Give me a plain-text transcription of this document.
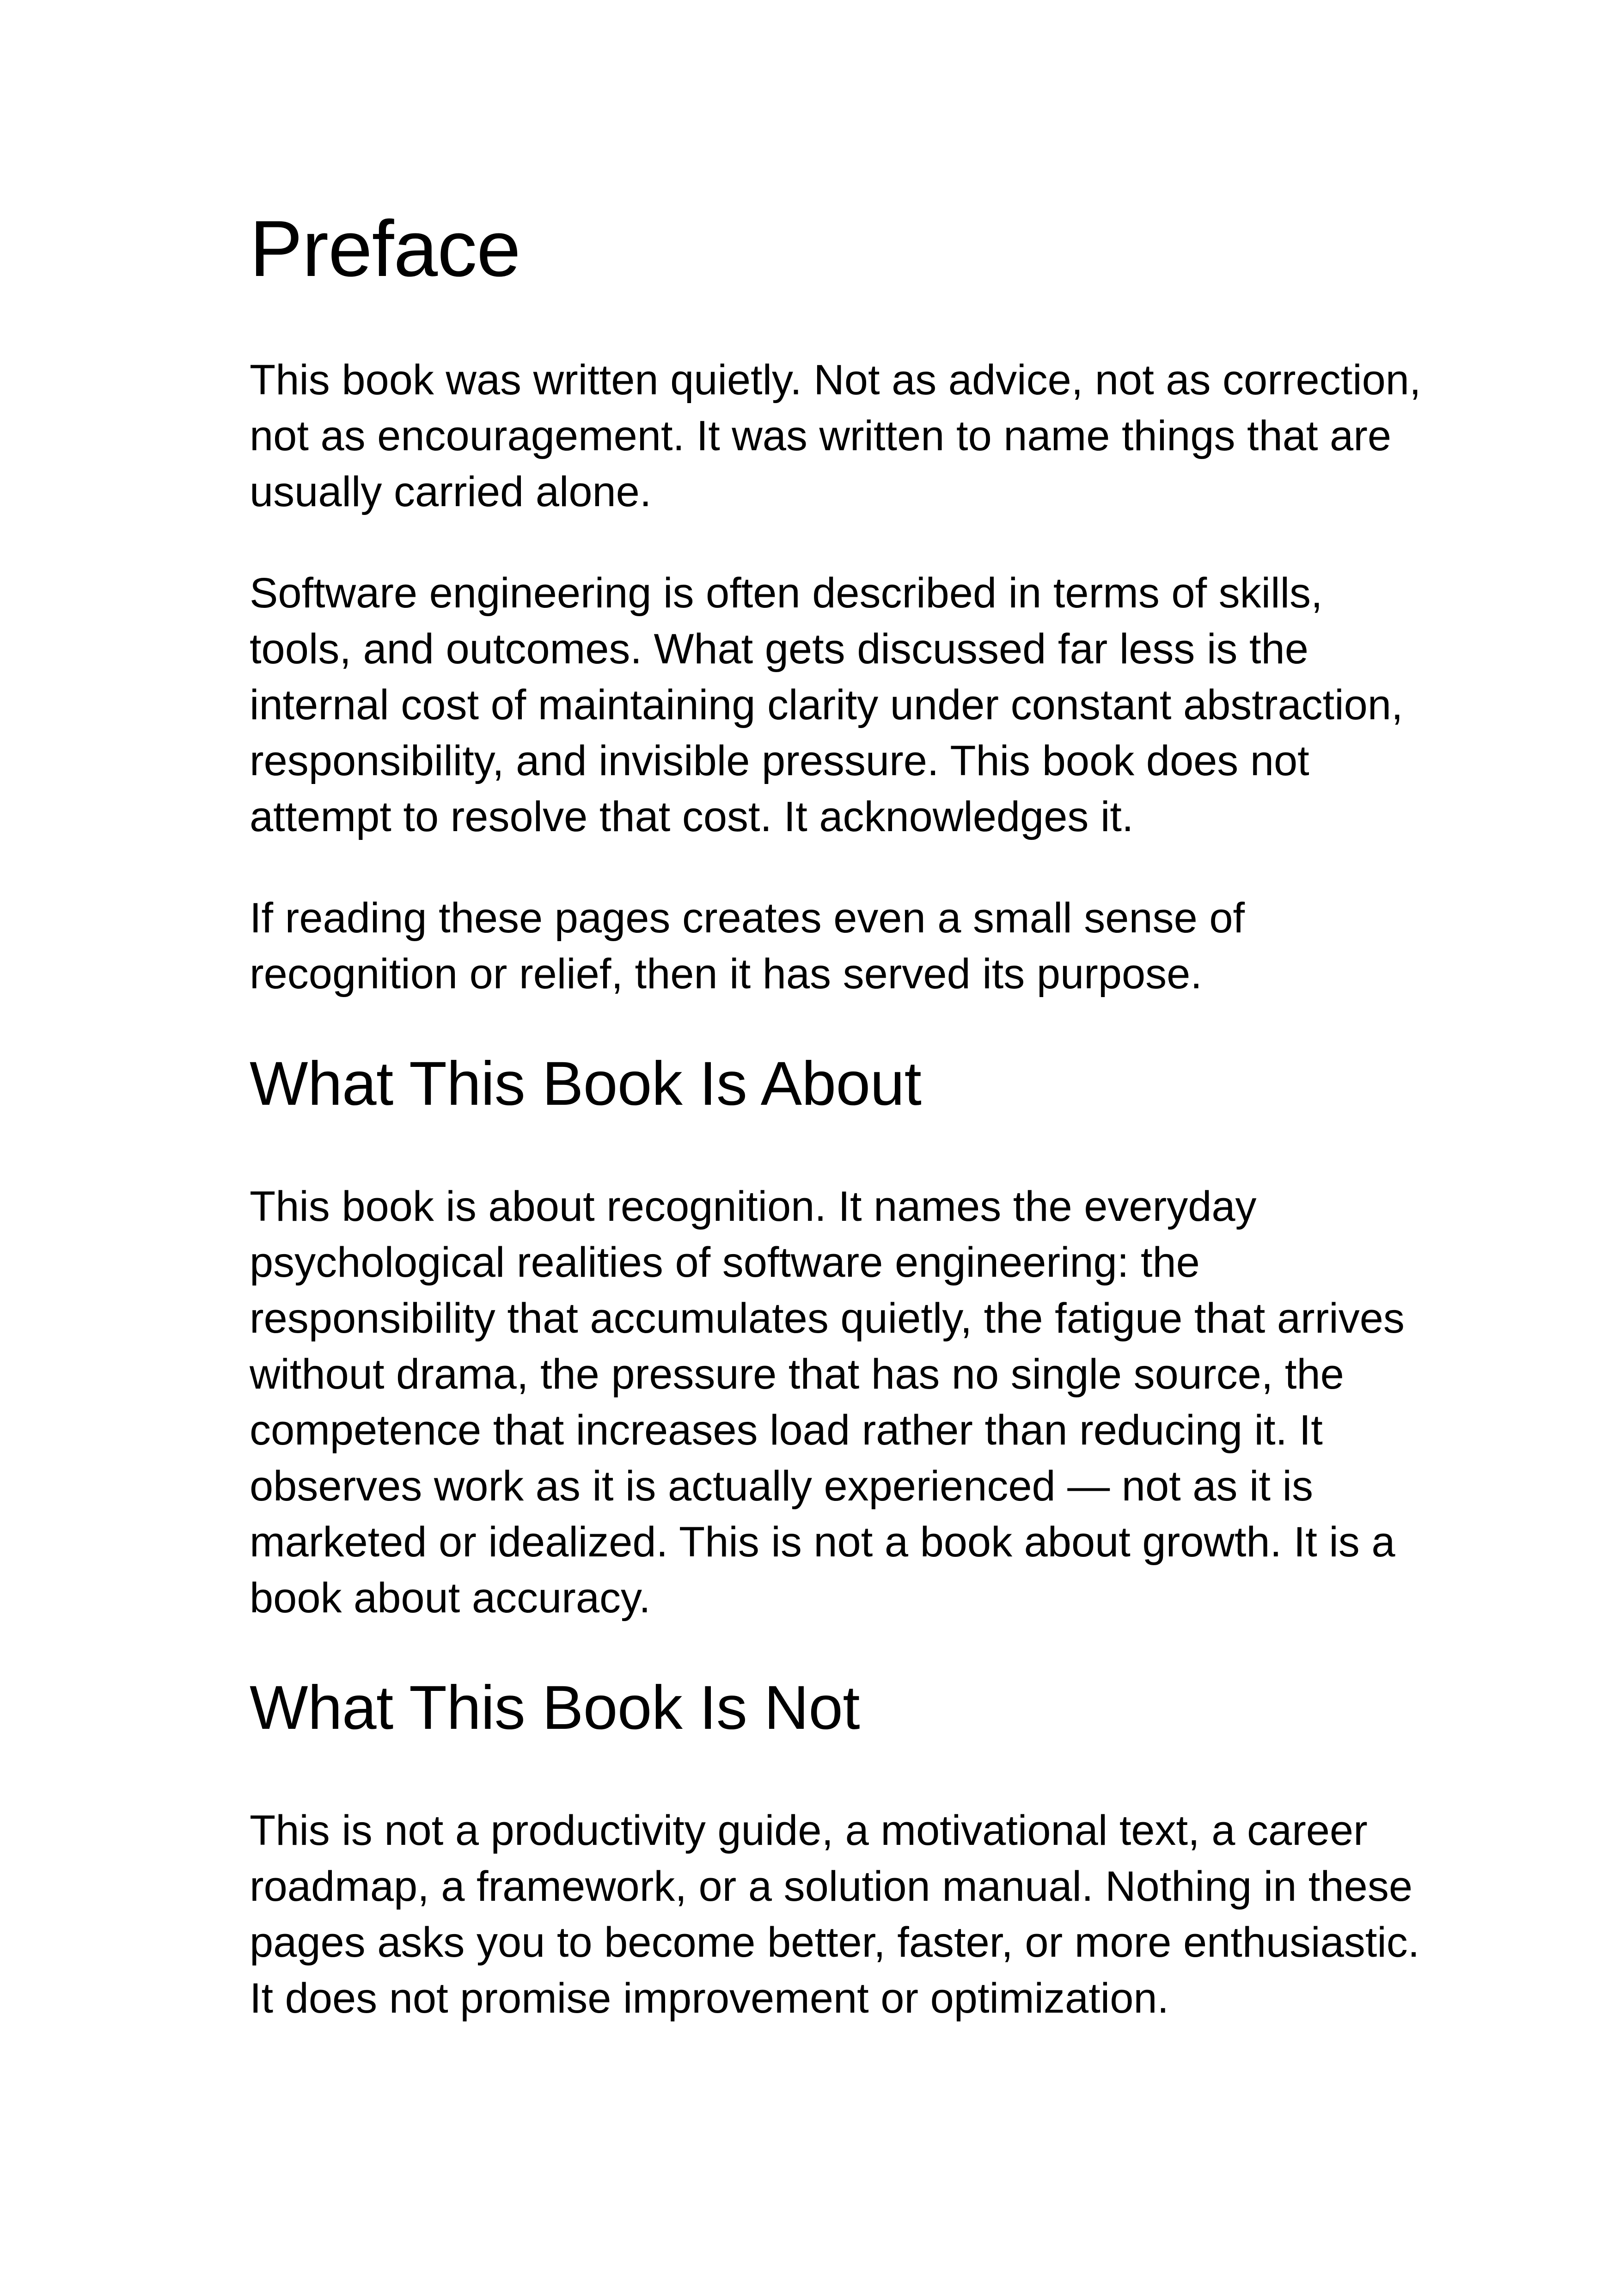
Preface

This book was written quietly. Not as advice, not as correction, not as encouragement. It was written to name things that are usually carried alone.

Software engineering is often described in terms of skills, tools, and outcomes. What gets discussed far less is the internal cost of maintaining clarity under constant abstraction, responsibility, and invisible pressure. This book does not attempt to resolve that cost. It acknowledges it.

If reading these pages creates even a small sense of recognition or relief, then it has served its purpose.

What This Book Is About

This book is about recognition. It names the everyday psychological realities of software engineering: the responsibility that accumulates quietly, the fatigue that arrives without drama, the pressure that has no single source, the competence that increases load rather than reducing it. It observes work as it is actually experienced — not as it is marketed or idealized. This is not a book about growth. It is a book about accuracy.

What This Book Is Not

This is not a productivity guide, a motivational text, a career roadmap, a framework, or a solution manual. Nothing in these pages asks you to become better, faster, or more enthusiastic. It does not promise improvement or optimization.
